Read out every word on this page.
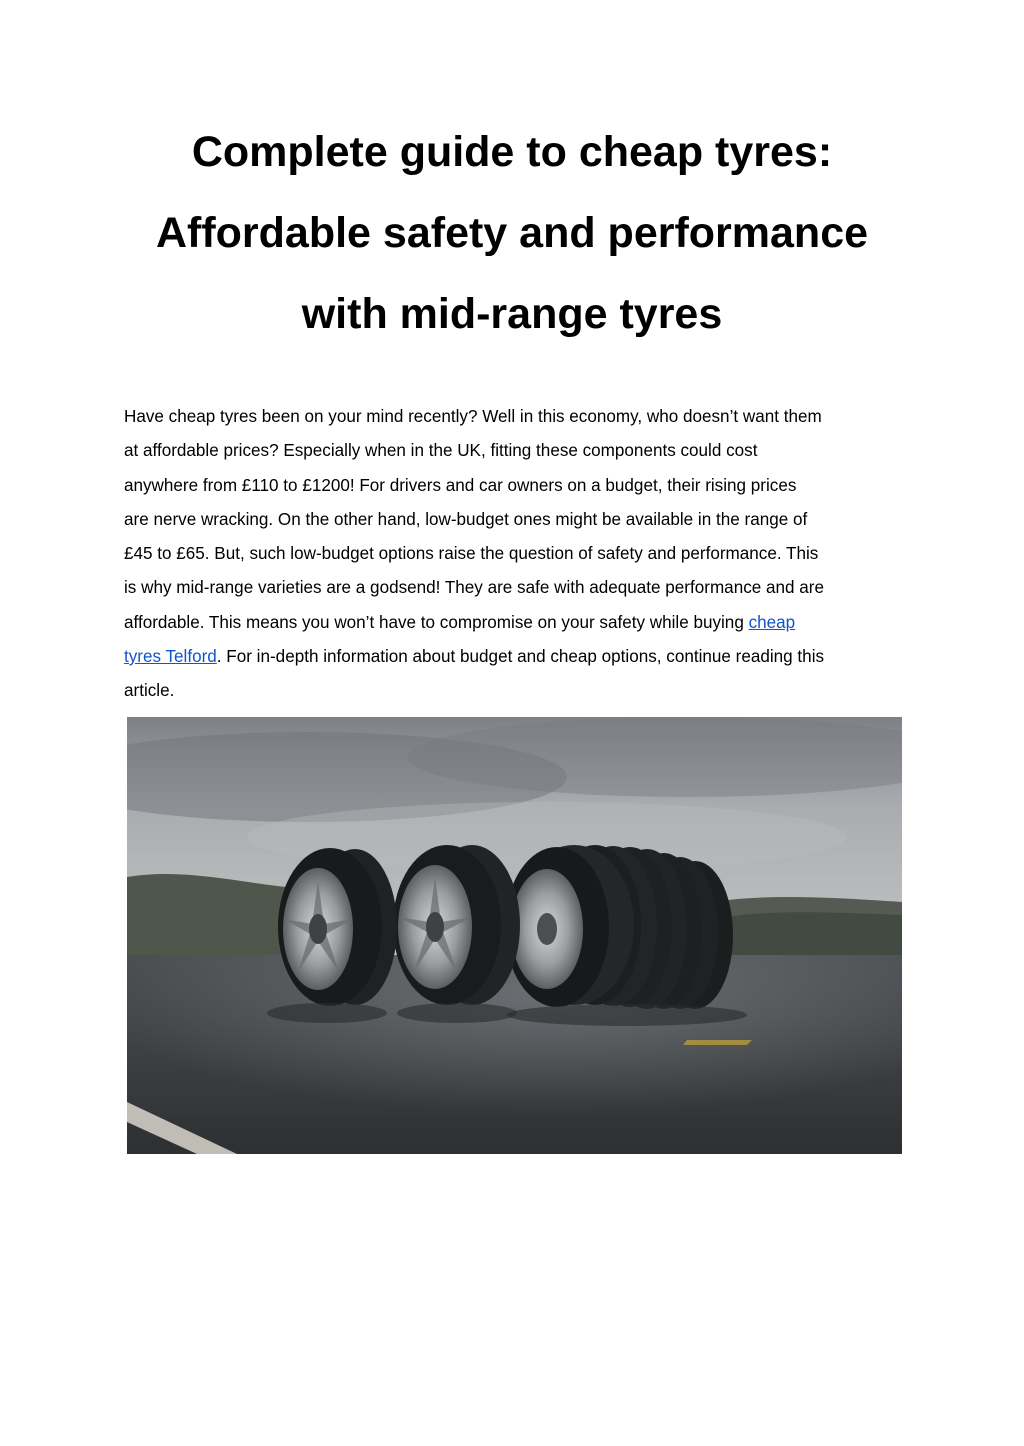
Complete guide to cheap tyres:
Affordable safety and performance
with mid-range tyres

Have cheap tyres been on your mind recently? Well in this economy, who doesn’t want them
at affordable prices? Especially when in the UK, fitting these components could cost
anywhere from £110 to £1200! For drivers and car owners on a budget, their rising prices
are nerve wracking. On the other hand, low-budget ones might be available in the range of
£45 to £65. But, such low-budget options raise the question of safety and performance. This
is why mid-range varieties are a godsend! They are safe with adequate performance and are
affordable. This means you won’t have to compromise on your safety while buying cheap
tyres Telford. For in-depth information about budget and cheap options, continue reading this
article.
